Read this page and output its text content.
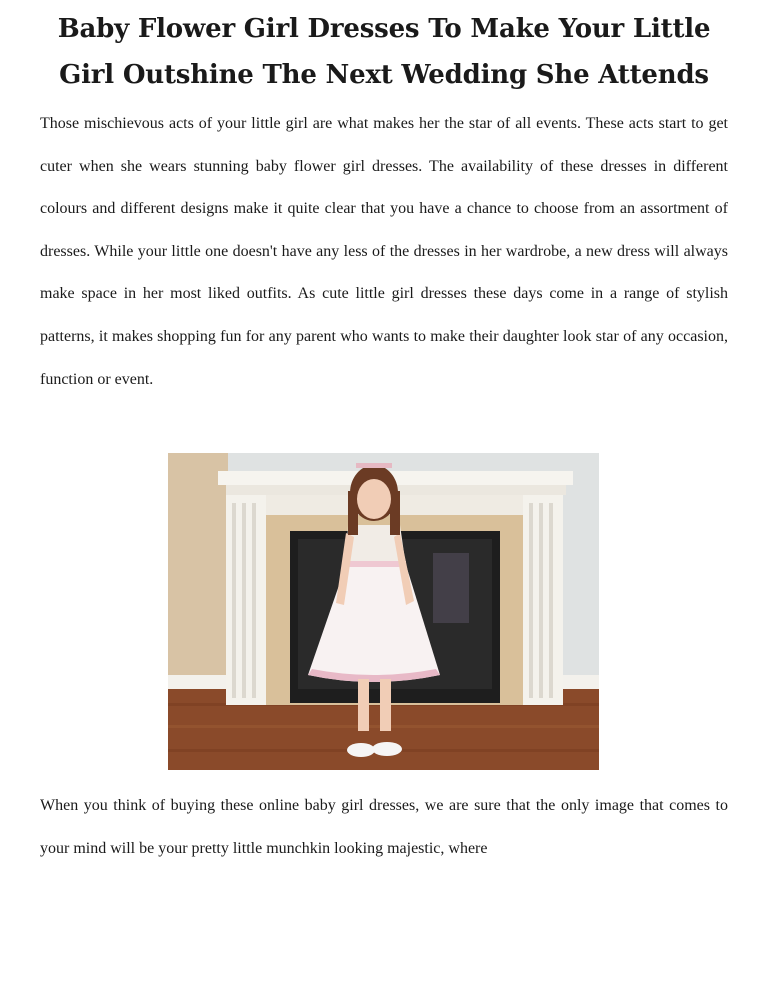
Baby Flower Girl Dresses To Make Your Little Girl Outshine The Next Wedding She Attends

Those mischievous acts of your little girl are what makes her the star of all events. These acts start to get cuter when she wears stunning baby flower girl dresses. The availability of these dresses in different colours and different designs make it quite clear that you have a chance to choose from an assortment of dresses. While your little one doesn't have any less of the dresses in her wardrobe, a new dress will always make space in her most liked outfits. As cute little girl dresses these days come in a range of stylish patterns, it makes shopping fun for any parent who wants to make their daughter look star of any occasion, function or event.

When you think of buying these online baby girl dresses, we are sure that the only image that comes to your mind will be your pretty little munchkin looking majestic, where
